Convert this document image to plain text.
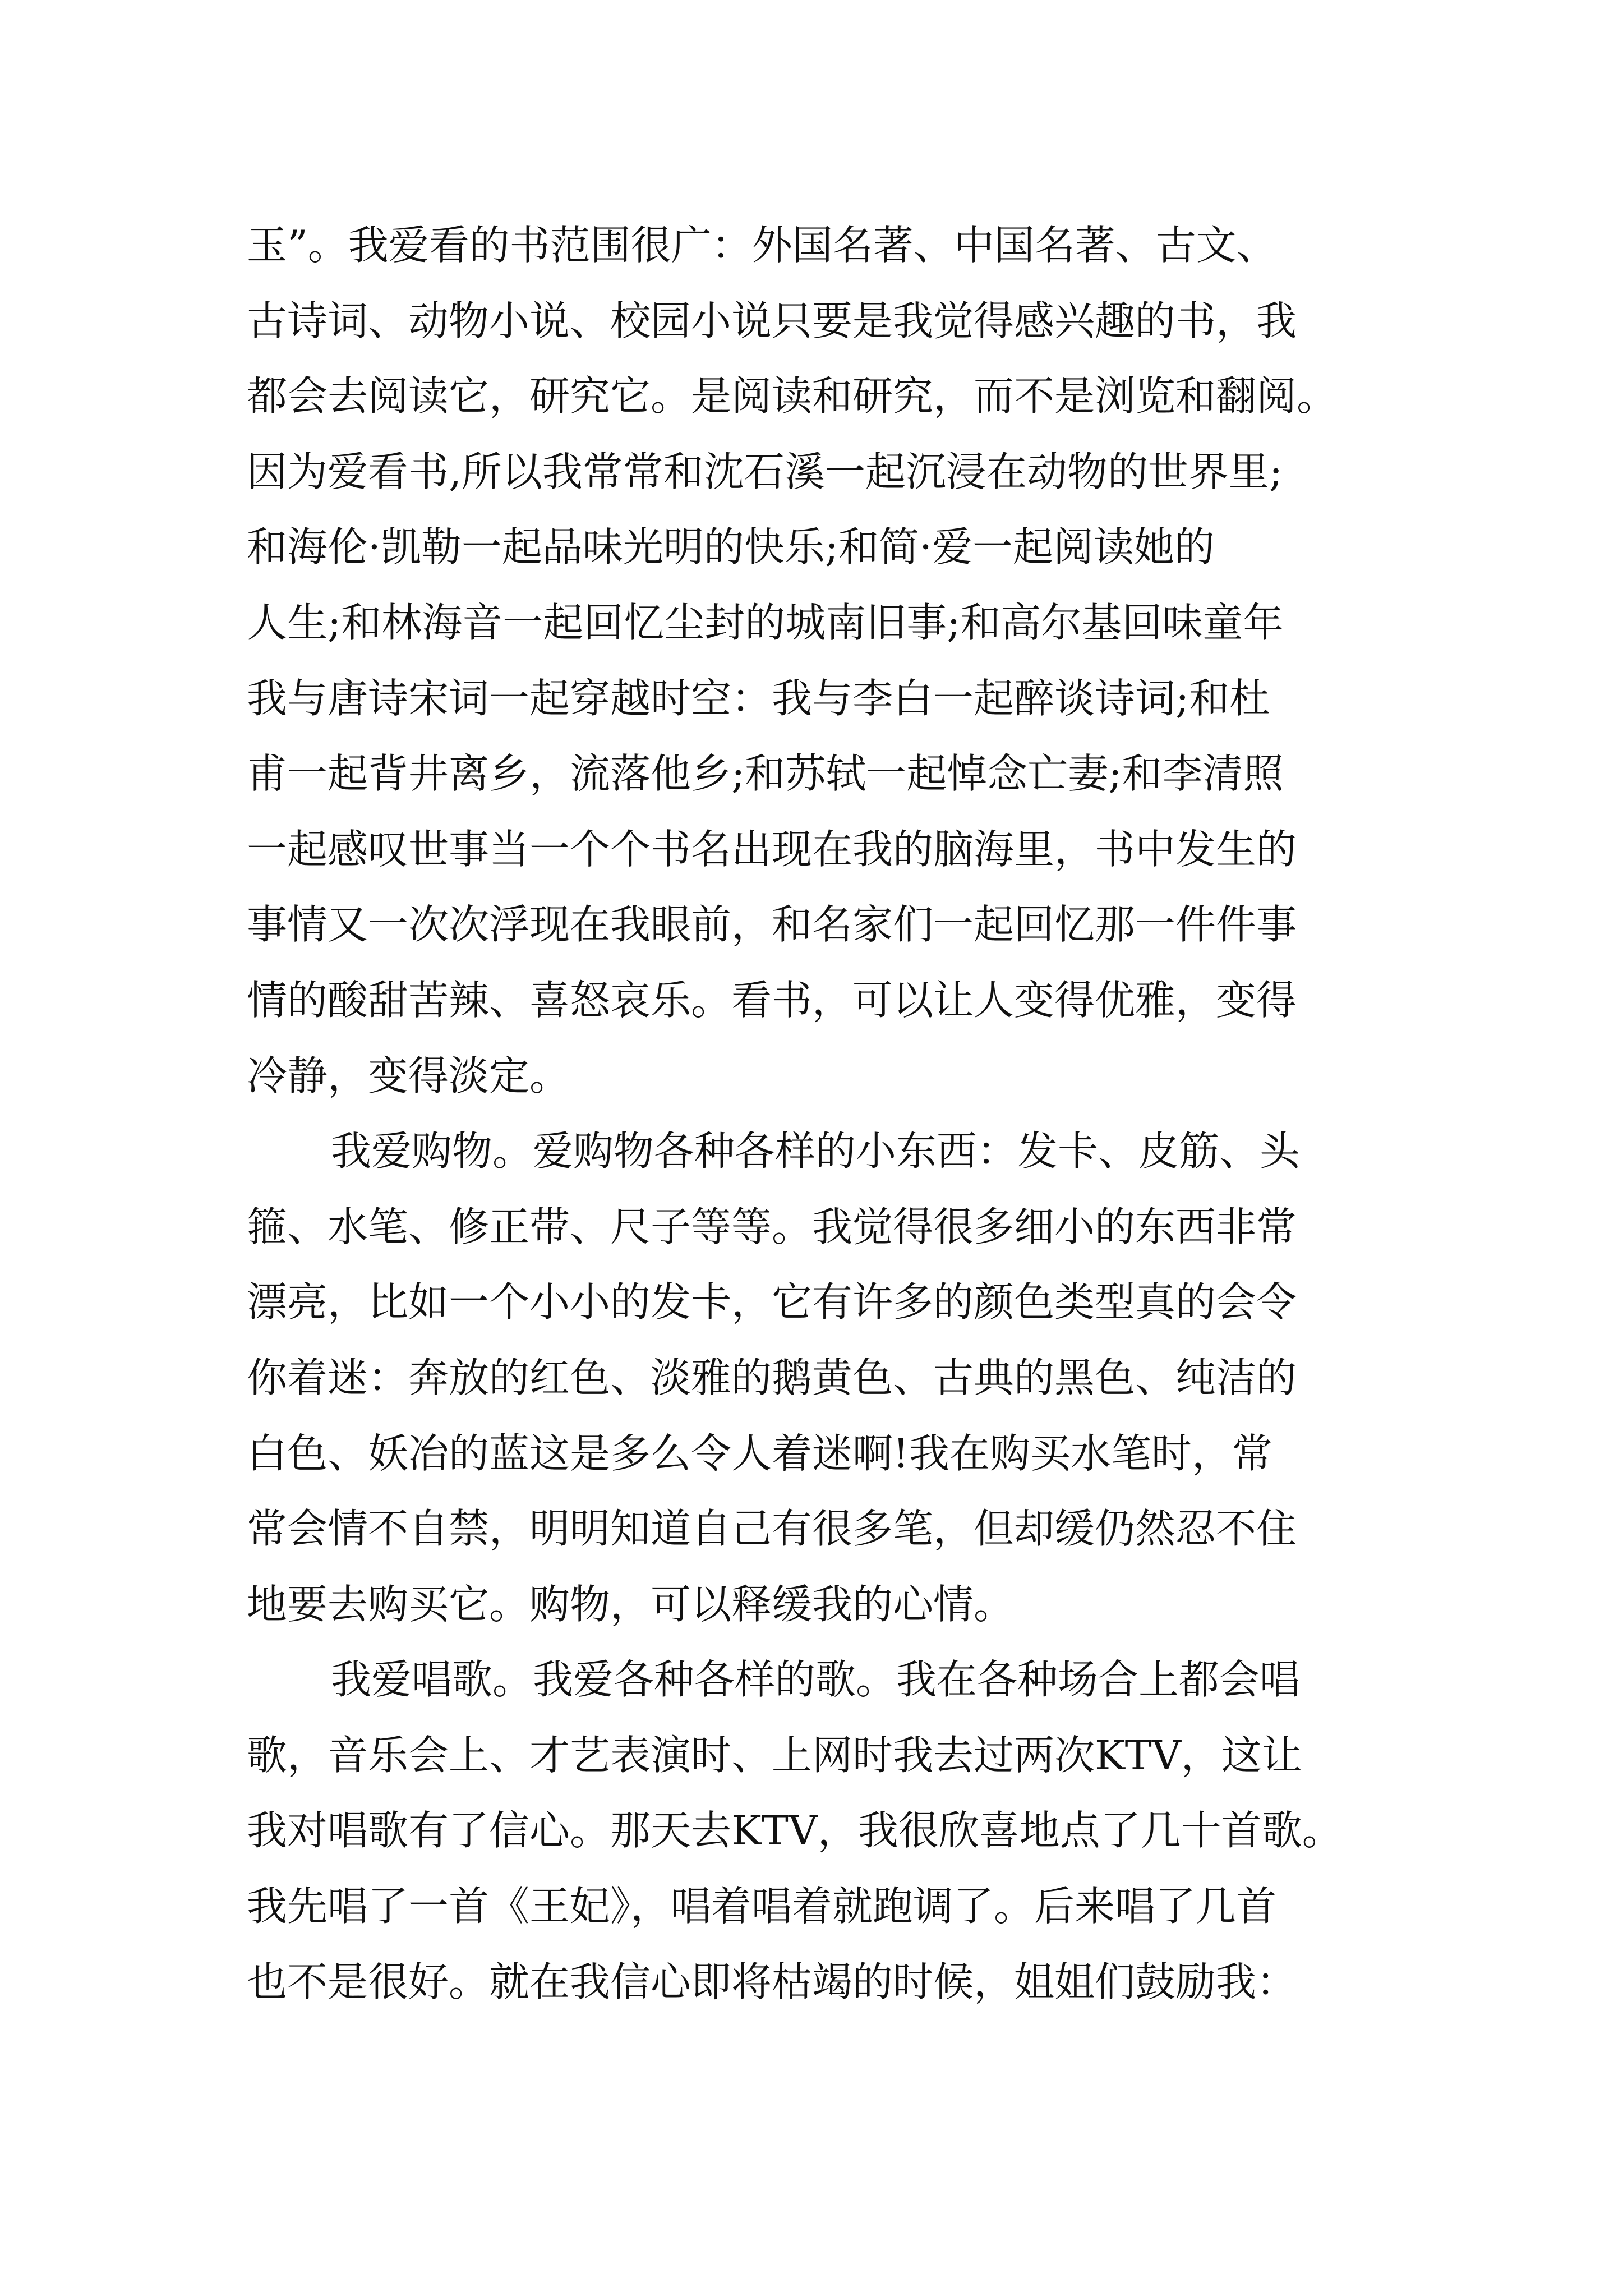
玉”。我爱看的书范围很广：外国名著、中国名著、古文、
古诗词、动物小说、校园小说只要是我觉得感兴趣的书，我
都会去阅读它，研究它。是阅读和研究，而不是浏览和翻阅。
因为爱看书,所以我常常和沈石溪一起沉浸在动物的世界里;
和海伦·凯勒一起品味光明的快乐;和简·爱一起阅读她的
人生;和林海音一起回忆尘封的城南旧事;和高尔基回味童年
我与唐诗宋词一起穿越时空：我与李白一起醉谈诗词;和杜
甫一起背井离乡，流落他乡;和苏轼一起悼念亡妻;和李清照
一起感叹世事当一个个书名出现在我的脑海里，书中发生的
事情又一次次浮现在我眼前，和名家们一起回忆那一件件事
情的酸甜苦辣、喜怒哀乐。看书，可以让人变得优雅，变得
冷静，变得淡定。
我爱购物。爱购物各种各样的小东西：发卡、皮筋、头
箍、水笔、修正带、尺子等等。我觉得很多细小的东西非常
漂亮，比如一个小小的发卡，它有许多的颜色类型真的会令
你着迷：奔放的红色、淡雅的鹅黄色、古典的黑色、纯洁的
白色、妖冶的蓝这是多么令人着迷啊!我在购买水笔时，常
常会情不自禁，明明知道自己有很多笔，但却缓仍然忍不住
地要去购买它。购物，可以释缓我的心情。
我爱唱歌。我爱各种各样的歌。我在各种场合上都会唱
歌，音乐会上、才艺表演时、上网时我去过两次KTV，这让
我对唱歌有了信心。那天去KTV，我很欣喜地点了几十首歌。
我先唱了一首《王妃》，唱着唱着就跑调了。后来唱了几首
也不是很好。就在我信心即将枯竭的时候，姐姐们鼓励我：
